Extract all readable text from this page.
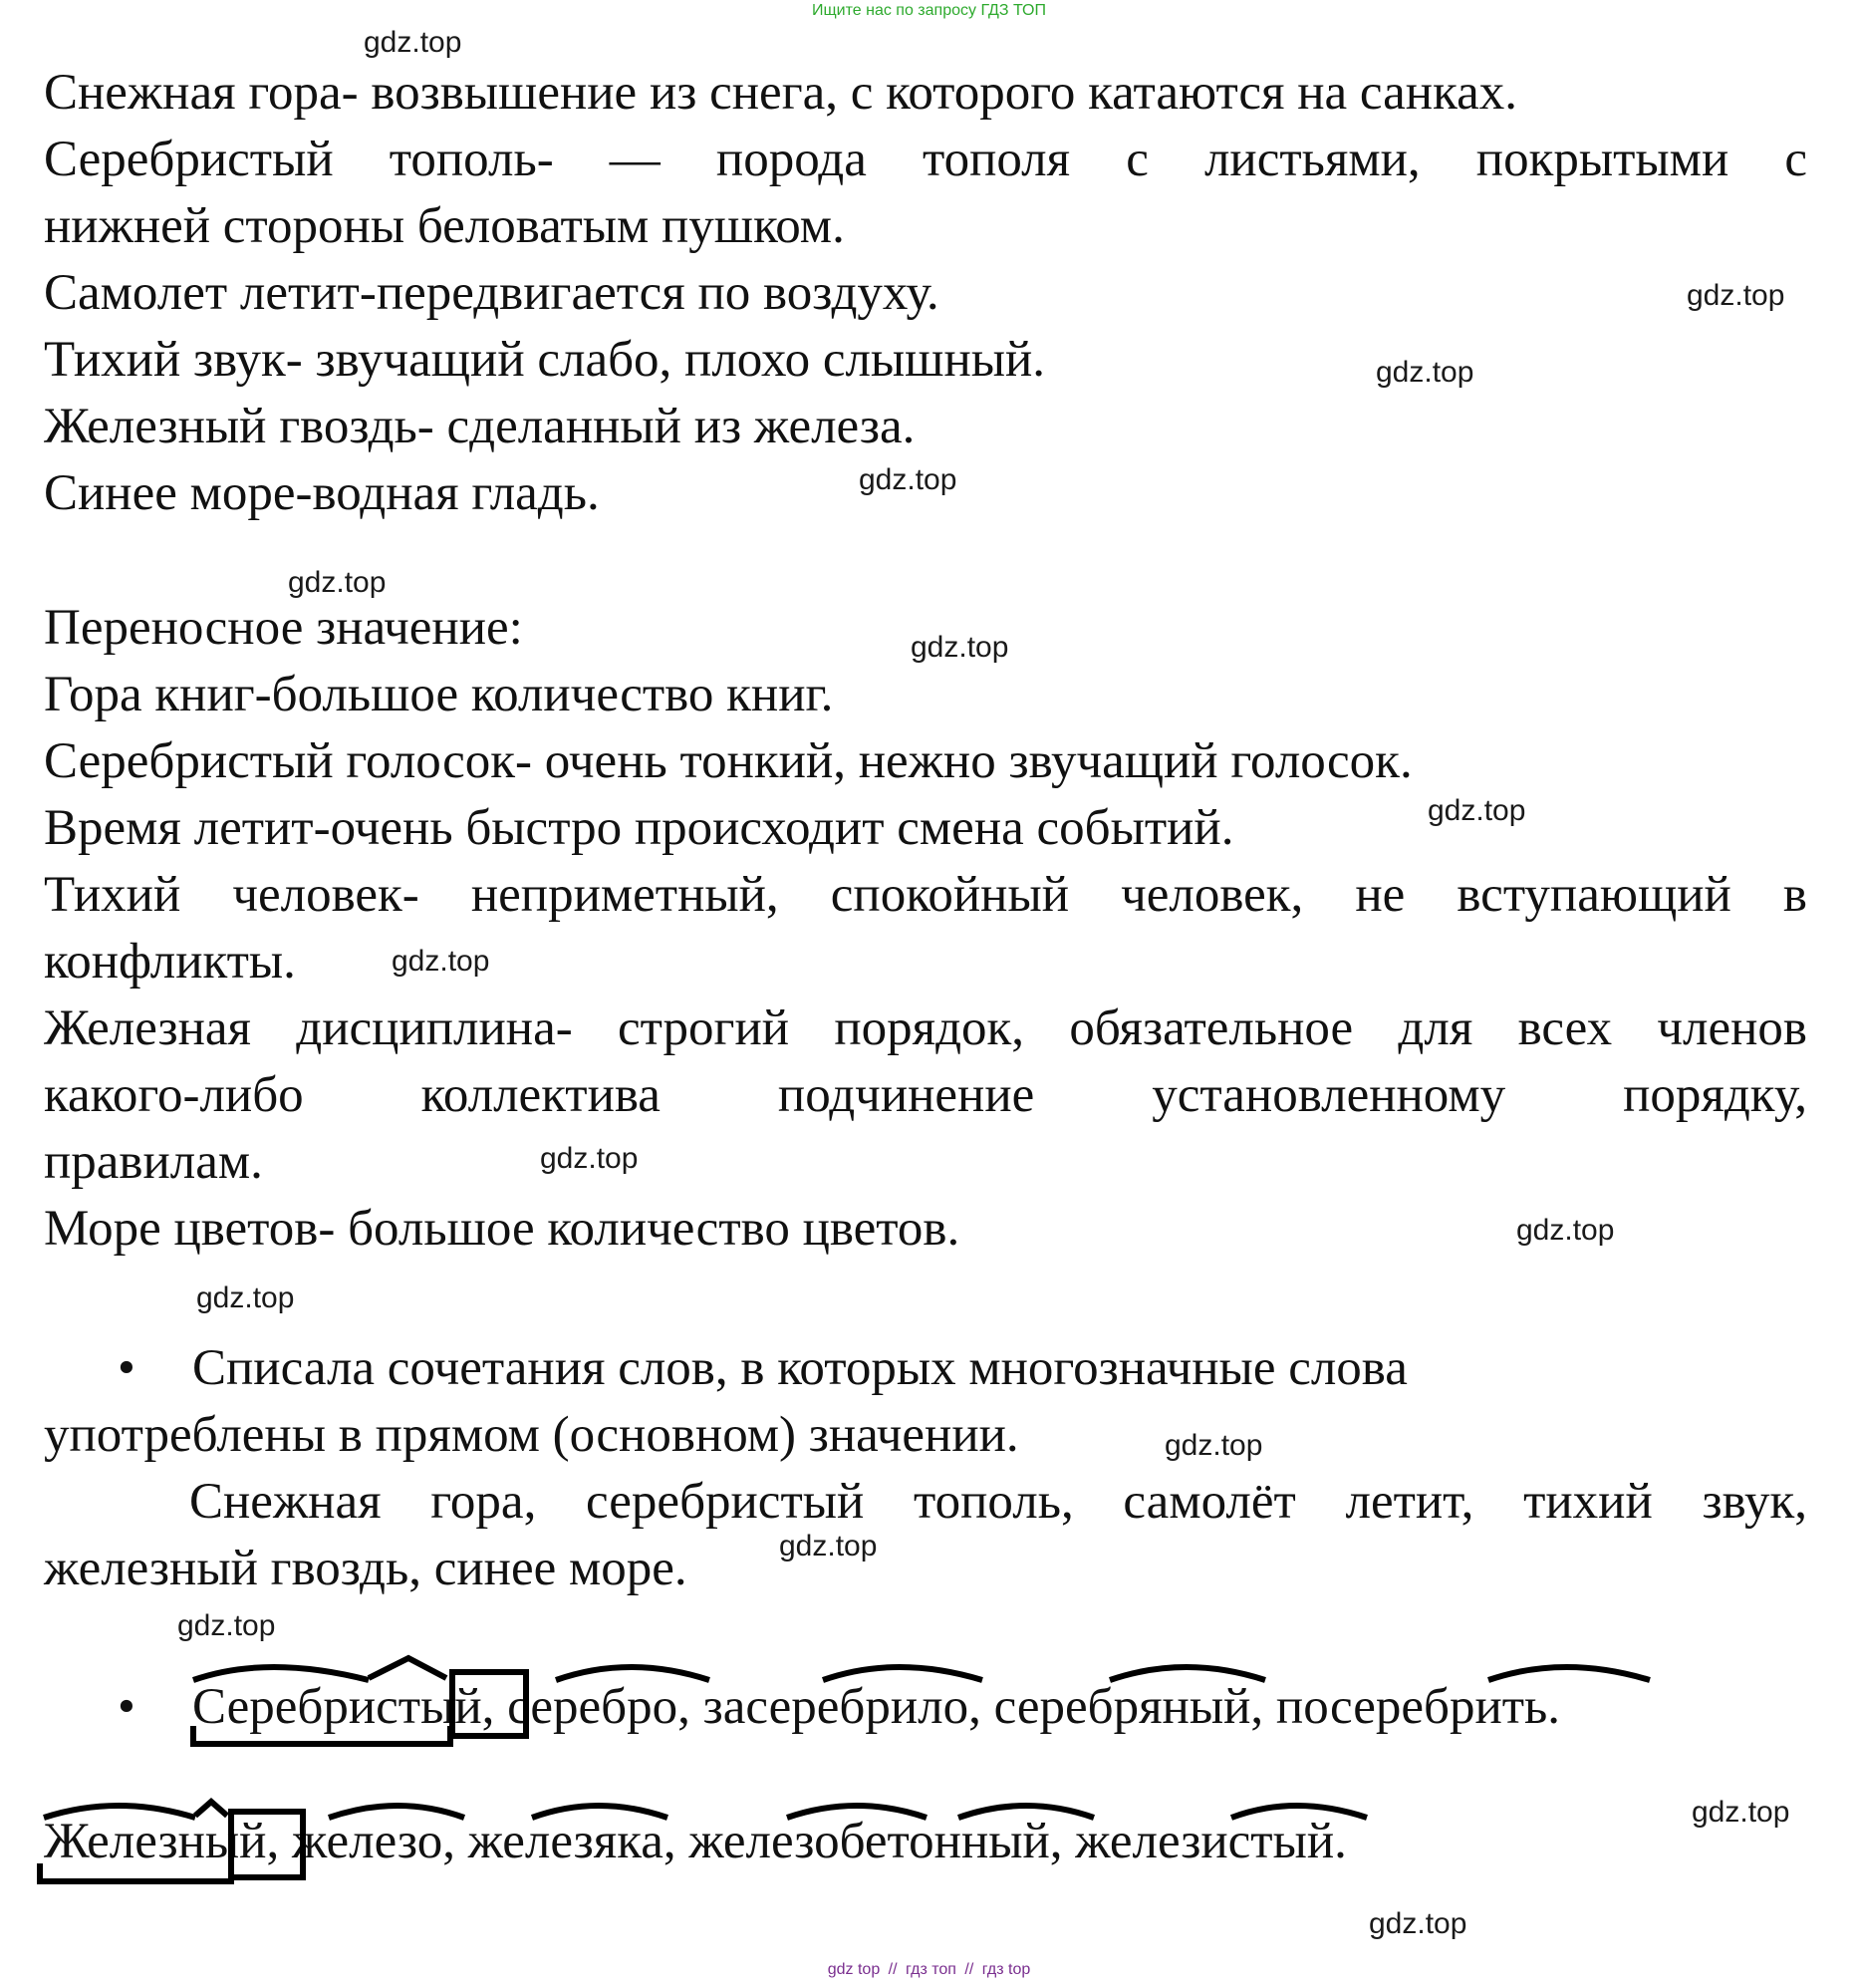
Ищите нас по запросу ГДЗ ТОП
gdz.top
gdz.top
gdz.top
gdz.top
gdz.top
gdz.top
gdz.top
gdz.top
gdz.top
gdz.top
gdz.top
gdz.top
gdz.top
gdz.top
gdz.top
gdz.top
Снежная гора- возвышение из снега, с которого катаются на санках.
Серебристый тополь- — порода тополя с листьями, покрытыми с
нижней стороны беловатым пушком.
Самолет летит-передвигается по воздуху.
Тихий звук- звучащий слабо, плохо слышный.
Железный гвоздь- сделанный из железа.
Синее море-водная гладь.
Переносное значение:
Гора книг-большое количество книг.
Серебристый голосок- очень тонкий, нежно звучащий голосок.
Время летит-очень быстро происходит смена событий.
Тихий человек- неприметный, спокойный человек, не вступающий в
конфликты.
Железная дисциплина- строгий порядок, обязательное для всех членов
какого-либо коллектива подчинение установленному порядку,
правилам.
Море цветов- большое количество цветов.
• Списала сочетания слов, в которых многозначные слова
употреблены в прямом (основном) значении.
Снежная гора, серебристый тополь, самолёт летит, тихий звук,
железный гвоздь, синее море.
• Серебристый, серебро, засеребрило, серебряный, посеребрить.
Железный, железо, железяка, железобетонный, железистый.
gdz top // гдз топ // гдз top
